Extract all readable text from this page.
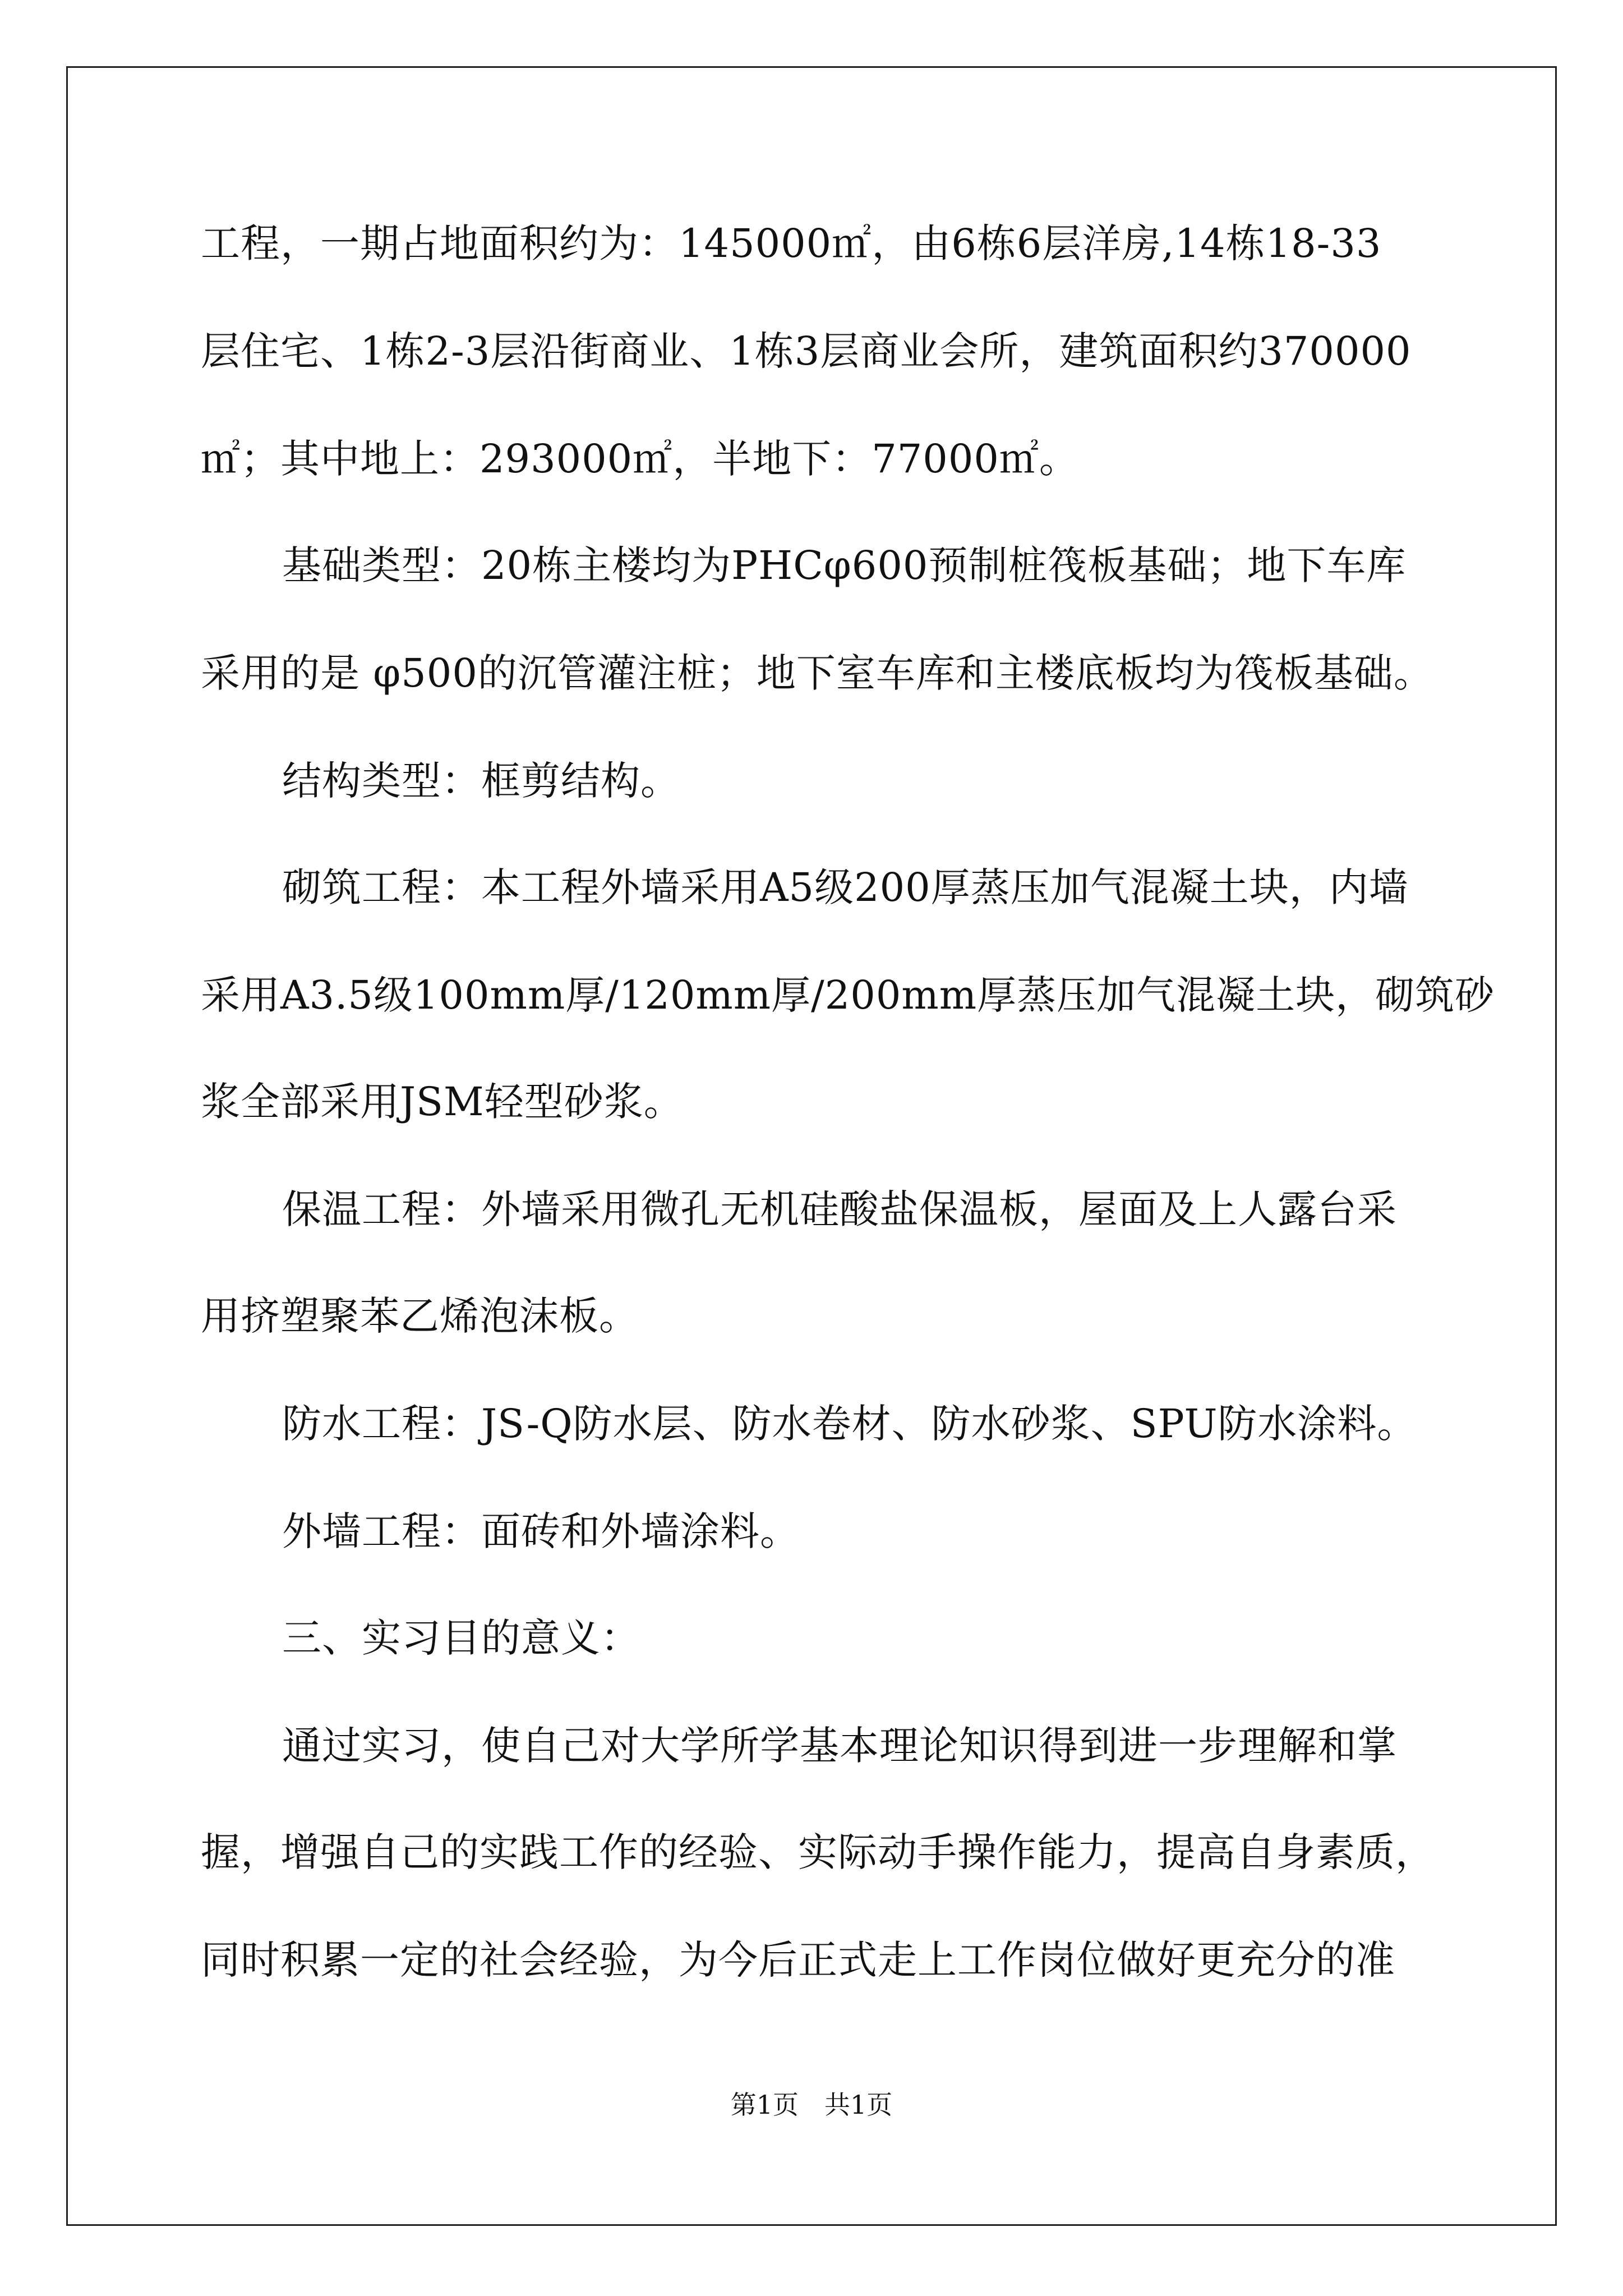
工程，一期占地面积约为：145000㎡，由6栋6层洋房,14栋18-33
层住宅、1栋2-3层沿街商业、1栋3层商业会所，建筑面积约370000
㎡；其中地上：293000㎡，半地下：77000㎡。
基础类型：20栋主楼均为PHCφ600预制桩筏板基础；地下车库
采用的是 φ500的沉管灌注桩；地下室车库和主楼底板均为筏板基础。
结构类型：框剪结构。
砌筑工程：本工程外墙采用A5级200厚蒸压加气混凝土块，内墙
采用A3.5级100mm厚/120mm厚/200mm厚蒸压加气混凝土块，砌筑砂
浆全部采用JSM轻型砂浆。
保温工程：外墙采用微孔无机硅酸盐保温板，屋面及上人露台采
用挤塑聚苯乙烯泡沫板。
防水工程：JS-Q防水层、防水卷材、防水砂浆、SPU防水涂料。
外墙工程：面砖和外墙涂料。
三、实习目的意义：
通过实习，使自己对大学所学基本理论知识得到进一步理解和掌
握，增强自己的实践工作的经验、实际动手操作能力，提高自身素质，
同时积累一定的社会经验，为今后正式走上工作岗位做好更充分的准
第1页　共1页
